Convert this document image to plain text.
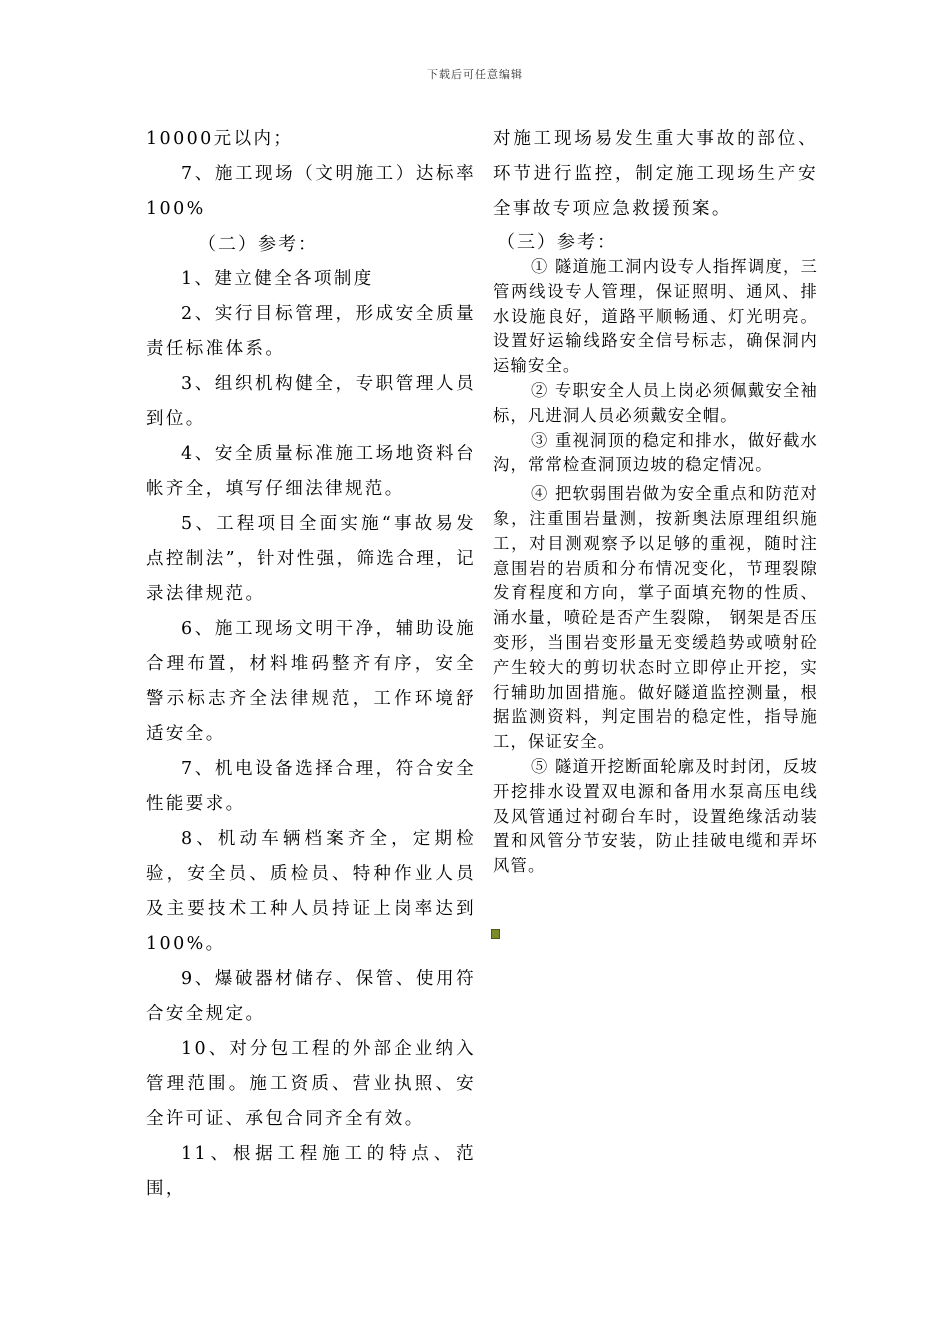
下载后可任意编辑

10000元以内；

7、施工现场（文明施工）达标率100%

（二）参考：

1、建立健全各项制度

2、实行目标管理，形成安全质量责任标准体系。

3、组织机构健全，专职管理人员到位。

4、安全质量标准施工场地资料台帐齐全，填写仔细法律规范。

5、工程项目全面实施“事故易发点控制法”，针对性强，筛选合理，记录法律规范。

6、施工现场文明干净，辅助设施合理布置，材料堆码整齐有序，安全警示标志齐全法律规范，工作环境舒适安全。

7、机电设备选择合理，符合安全性能要求。

8、机动车辆档案齐全，定期检验，安全员、质检员、特种作业人员及主要技术工种人员持证上岗率达到100%。

9、爆破器材储存、保管、使用符合安全规定。

10、对分包工程的外部企业纳入管理范围。施工资质、营业执照、安全许可证、承包合同齐全有效。

11、根据工程施工的特点、范围，

对施工现场易发生重大事故的部位、环节进行监控，制定施工现场生产安全事故专项应急救援预案。

（三）参考：

① 隧道施工洞内设专人指挥调度，三管两线设专人管理，保证照明、通风、排水设施良好，道路平顺畅通、灯光明亮。设置好运输线路安全信号标志，确保洞内运输安全。

② 专职安全人员上岗必须佩戴安全袖标，凡进洞人员必须戴安全帽。

③ 重视洞顶的稳定和排水，做好截水沟，常常检查洞顶边坡的稳定情况。

④ 把软弱围岩做为安全重点和防范对象，注重围岩量测，按新奥法原理组织施工，对目测观察予以足够的重视，随时注意围岩的岩质和分布情况变化，节理裂隙发育程度和方向，掌子面填充物的性质、涌水量，喷砼是否产生裂隙， 钢架是否压变形，当围岩变形量无变缓趋势或喷射砼产生较大的剪切状态时立即停止开挖，实行辅助加固措施。做好隧道监控测量，根据监测资料，判定围岩的稳定性，指导施工，保证安全。

⑤ 隧道开挖断面轮廓及时封闭，反坡开挖排水设置双电源和备用水泵高压电线及风管通过衬砌台车时，设置绝缘活动装置和风管分节安装，防止挂破电缆和弄坏风管。
